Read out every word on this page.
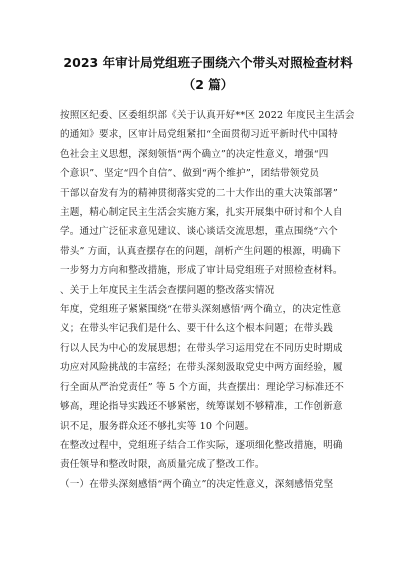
2023 年审计局党组班子围绕六个带头对照检查材料
（2 篇）

按照区纪委、区委组织部《关于认真开好**区 2022 年度民主生活会
的通知》要求，区审计局党组紧扣“全面贯彻习近平新时代中国特
色社会主义思想，深刻领悟“两个确立”的决定性意义，增强“四
个意识”、坚定“四个自信”、做到“两个维护”，团结带领党员
干部以奋发有为的精神贯彻落实党的二十大作出的重大决策部署”
主题，精心制定民主生活会实施方案，扎实开展集中研讨和个人自
学。通过广泛征求意见建议、谈心谈话交流思想，重点围绕“六个
带头” 方面，认真查摆存在的问题，剖析产生问题的根源，明确下
一步努力方向和整改措施，形成了审计局党组班子对照检查材料。

、关于上年度民主生活会查摆问题的整改落实情况

年度，党组班子紧紧围绕“在带头深刻感悟‘两个确立，的决定性意
义；在带头牢记我们是什么、要干什么这个根本问题；在带头践
行以人民为中心的发展思想；在带头学习运用党在不同历史时期成
功应对风险挑战的丰富经；在带头深刻汲取党史中两方面经验，履
行全面从严治党责任” 等 5 个方面，共查摆出：理论学习标准还不
够高，理论指导实践还不够紧密，统筹谋划不够精准，工作创新意
识不足，服务群众还不够扎实等 10 个问题。

在整改过程中，党组班子结合工作实际，逐项细化整改措施，明确
责任领导和整改时限，高质量完成了整改工作。

（一）在带头深刻感悟“两个确立”的决定性意义，深刻感悟党坚
